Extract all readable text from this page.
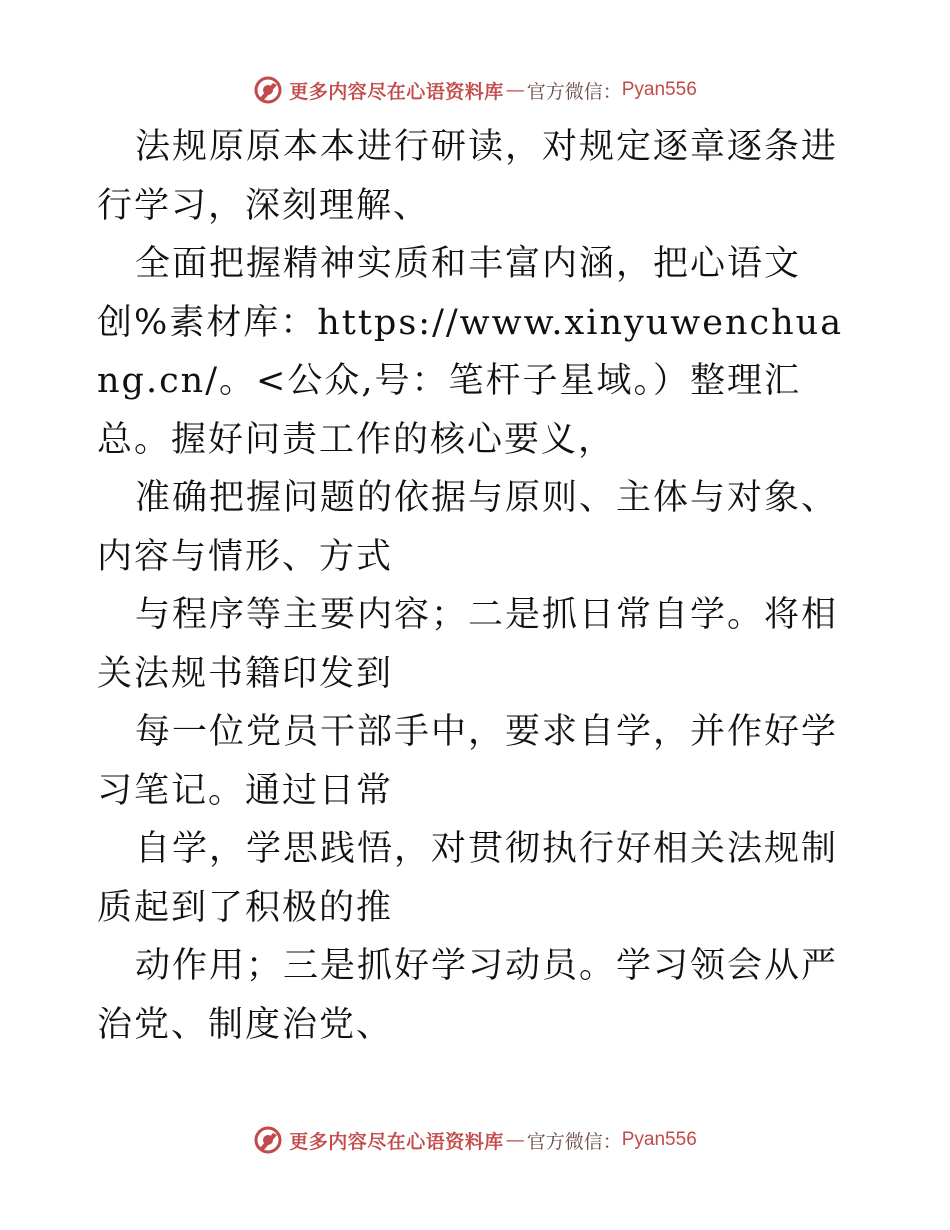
更多内容尽在心语资料库 — 官方微信： Pyan556

法规原原本本进行研读，对规定逐章逐条进行学习，深刻理解、

全面把握精神实质和丰富内涵，把心语文创%素材库：https://www.xinyuwenchuang.cn/。<公众,号：笔杆子星域。）整理汇总。握好问责工作的核心要义，

准确把握问题的依据与原则、主体与对象、内容与情形、方式

与程序等主要内容；二是抓日常自学。将相关法规书籍印发到

每一位党员干部手中，要求自学，并作好学习笔记。通过日常

自学，学思践悟，对贯彻执行好相关法规制质起到了积极的推

动作用；三是抓好学习动员。学习领会从严治党、制度治党、

更多内容尽在心语资料库 — 官方微信： Pyan556
